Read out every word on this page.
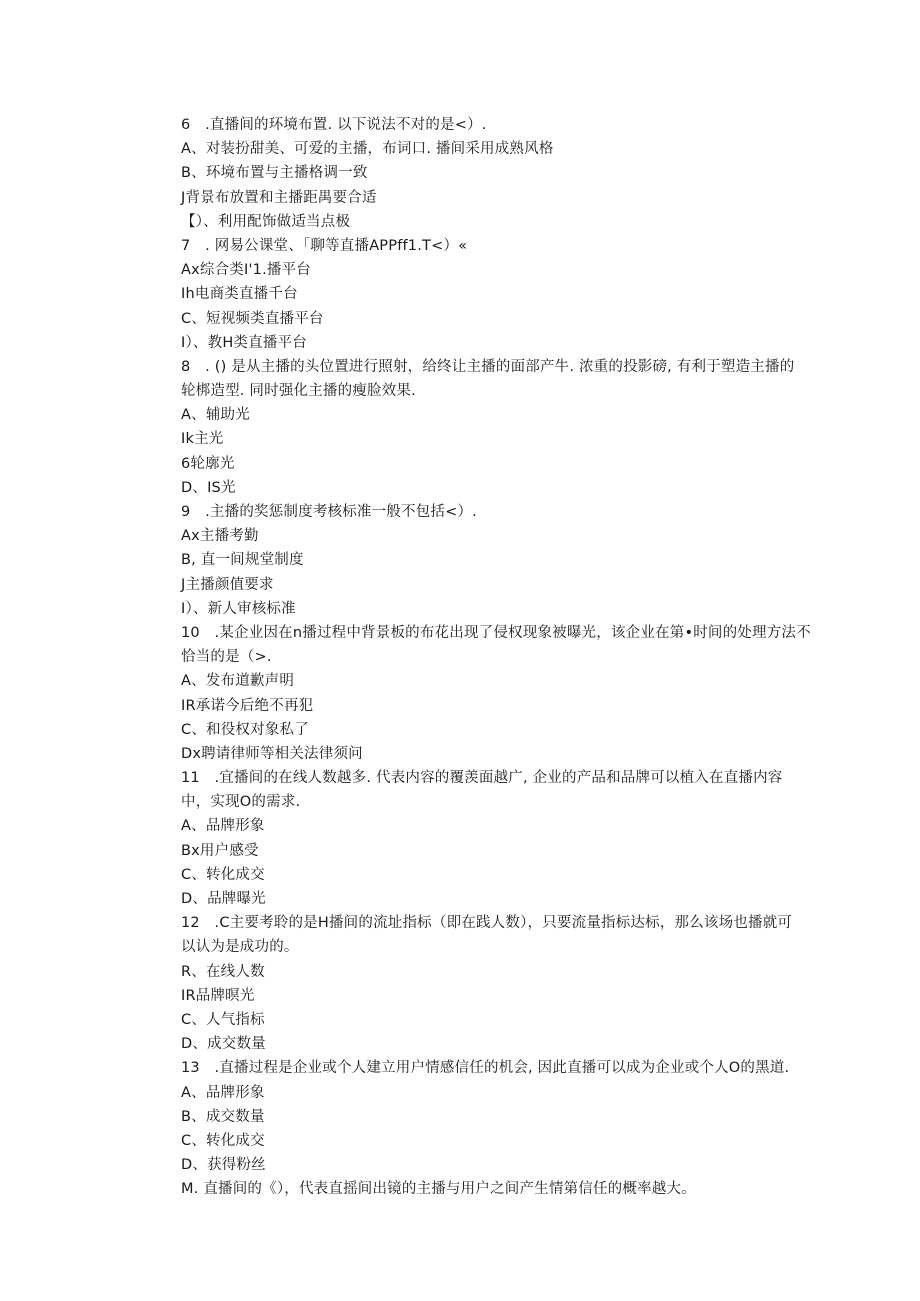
6　.直播间的环境布置. 以下说法不对的是<）.
A、对装扮甜美、可爱的主播，布词口. 播间采用成熟风格
B、环境布置与主播格调一致
J背景布放置和主播距禺要合适
【）、利用配饰做适当点极
7　. 网易公课堂、「聊等直播APPff1.T<）«
Ax综合类I'1.播平台
Ih电商类直播千台
C、短视频类直播平台
I）、教H类直播平台
8　. () 是从主播的头位置进行照射，给终让主播的面部产牛. 浓重的投影磅, 有利于塑造主播的
轮梆造型. 同时强化主播的瘦脸效果.
A、辅助光
Ik主光
6轮廓光
D、IS光
9　.主播的奖惩制度考核标准一般不包括<）.
Ax主播考勤
B, 直一间规堂制度
J主播颜值要求
I）、新人审核标准
10　.某企业因在n播过程中背景板的布花出现了侵权现象被曝光，该企业在第•时间的处理方法不
恰当的是（>.
A、发布道歉声明
IR承诺今后绝不再犯
C、和役权对象私了
Dx聘请律师等相关法律须问
11　.宜播间的在线人数越多. 代表内容的覆羡面越广, 企业的产品和品牌可以植入在直播内容
中，实现O的需求.
A、品牌形象
Bx用户感受
C、转化成交
D、品牌曝光
12　.C主要考聆的是H播间的流址指标（即在践人数），只要流量指标达标，那么该场也播就可
以认为是成功的。
R、在线人数
IR品牌暝光
C、人气指标
D、成交数量
13　.直播过程是企业或个人建立用户情感信任的机会, 因此直播可以成为企业或个人O的黑道.
A、品牌形象
B、成交数量
C、转化成交
D、获得粉丝
M. 直播间的《），代表直摇间出镜的主播与用户之间产生情第信任的概率越大。
